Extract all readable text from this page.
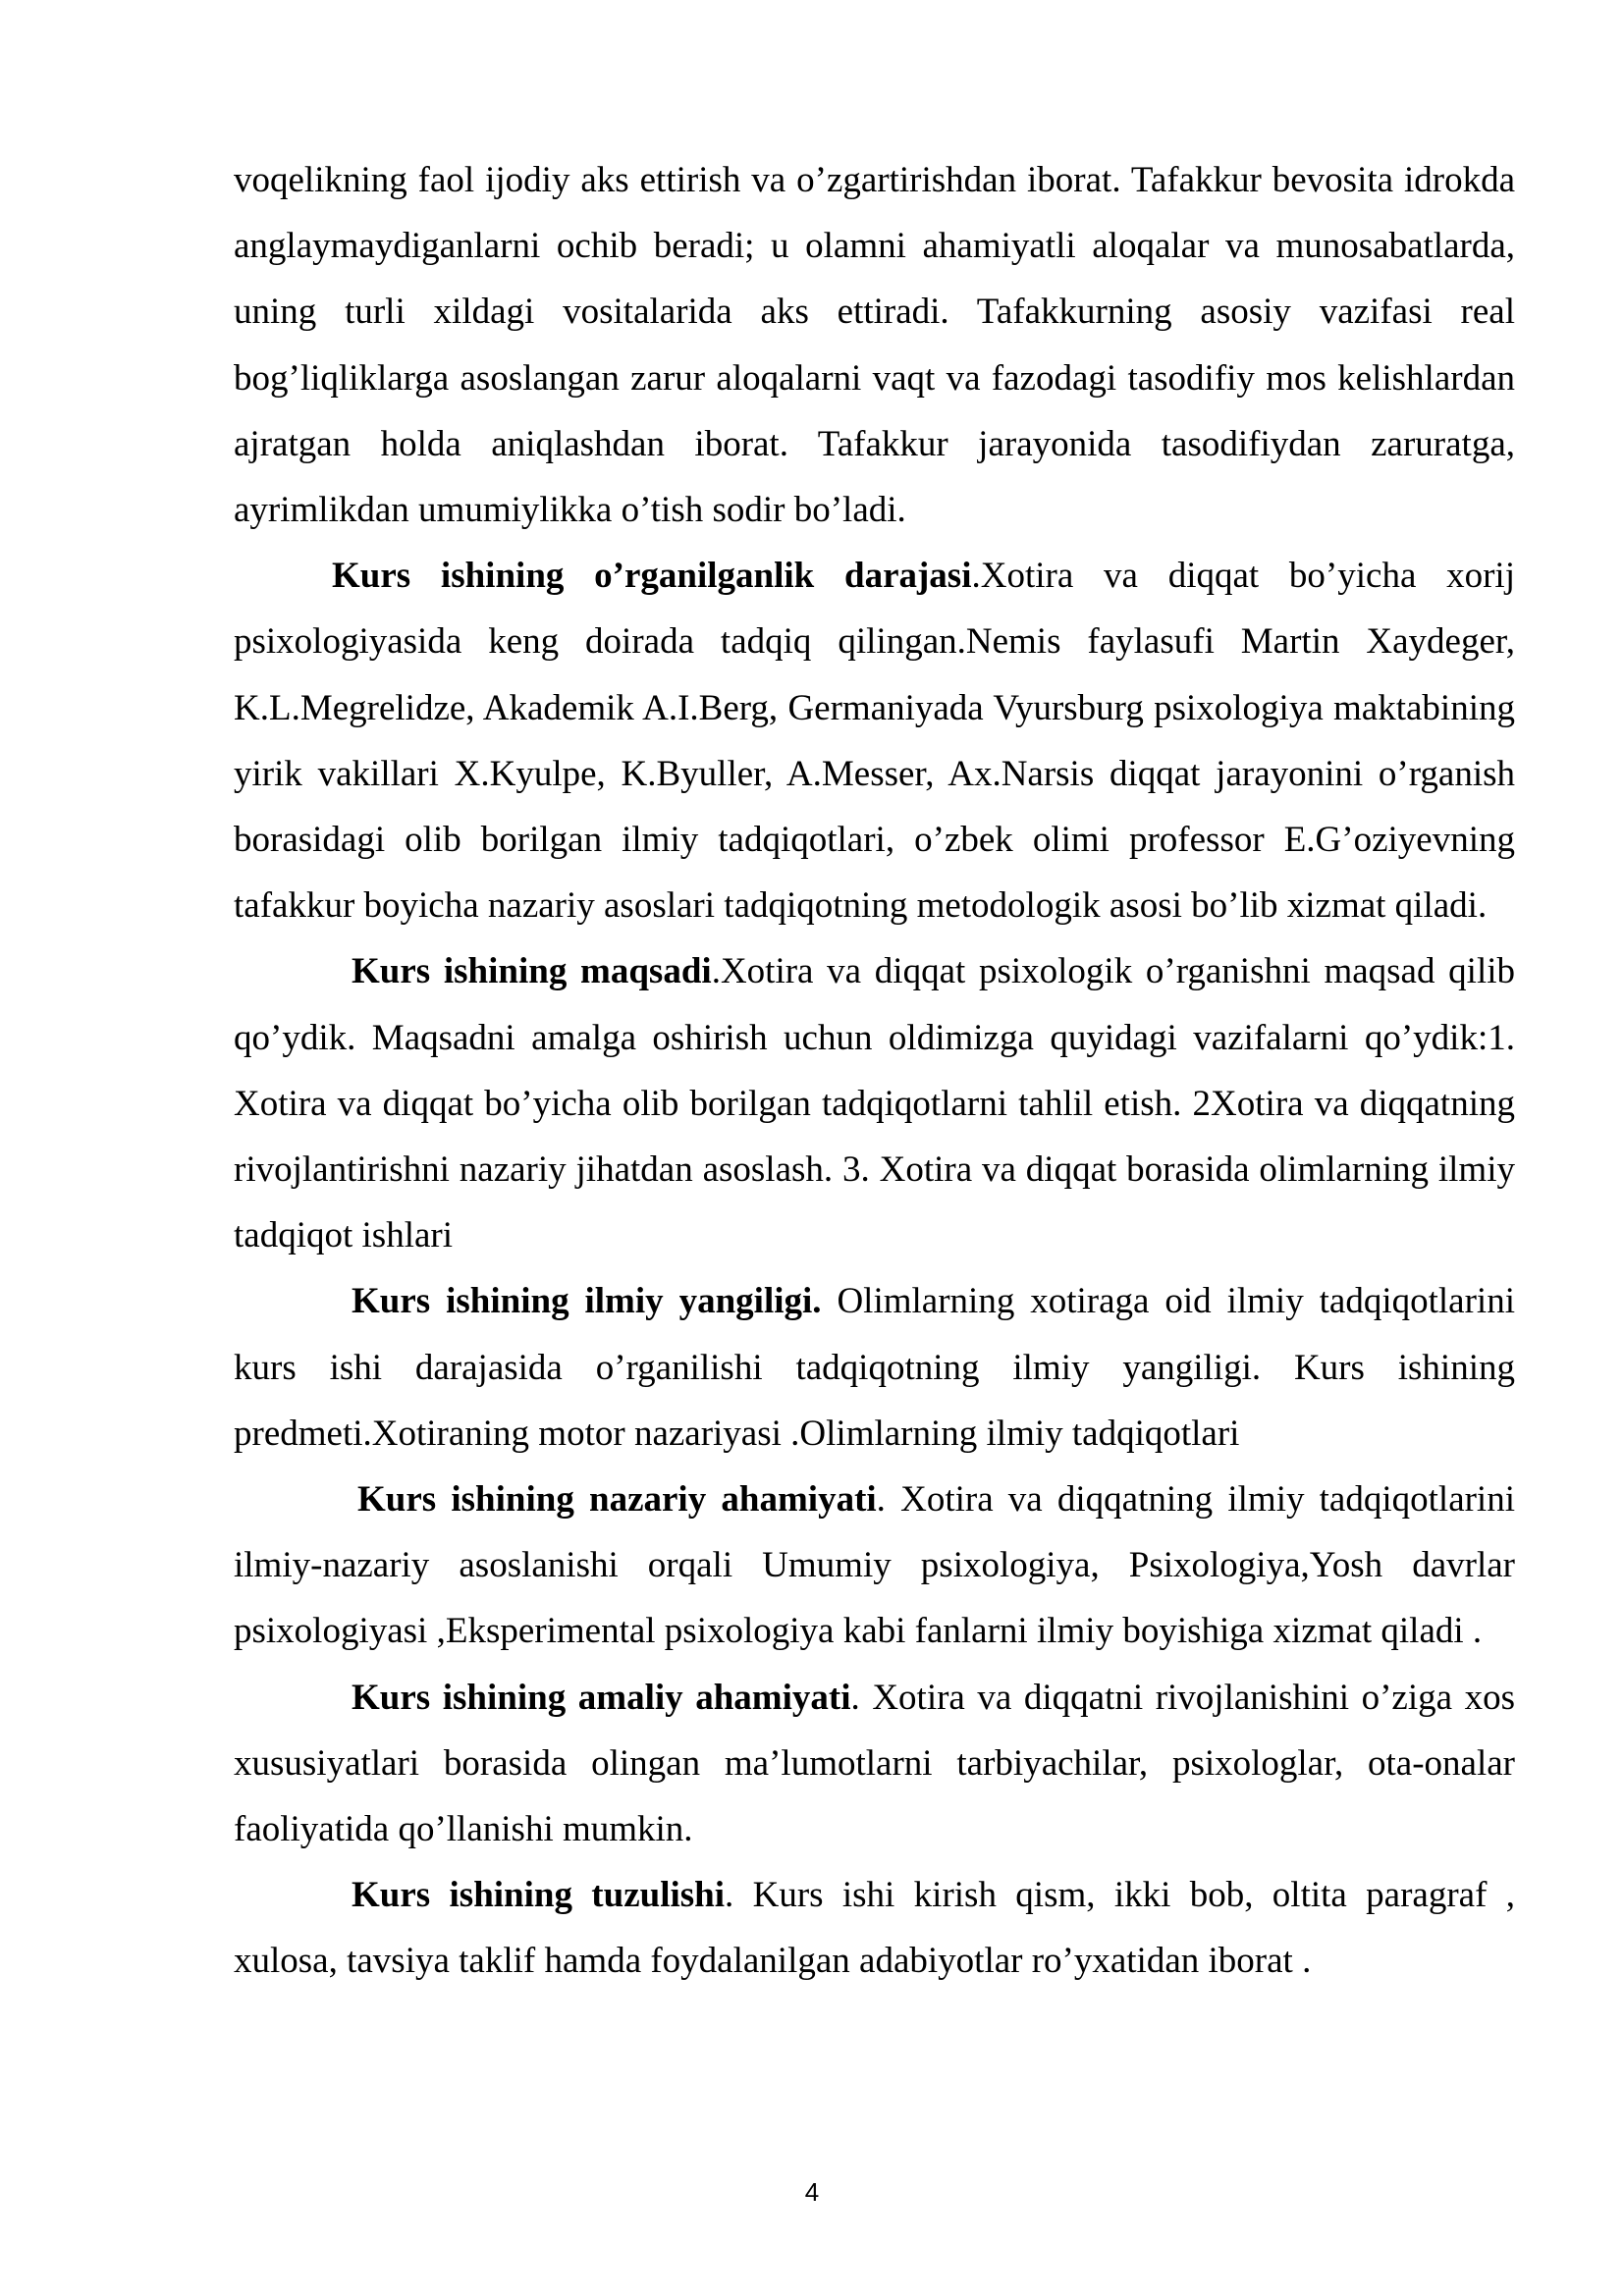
voqelikning faol ijodiy aks ettirish va o’zgartirishdan iborat. Tafakkur bevosita idrokda anglaymaydiganlarni ochib beradi; u olamni ahamiyatli aloqalar va munosabatlarda, uning turli xildagi vositalarida aks ettiradi. Tafakkurning asosiy vazifasi real bog’liqliklarga asoslangan zarur aloqalarni vaqt va fazodagi tasodifiy mos kelishlardan ajratgan holda aniqlashdan iborat. Tafakkur jarayonida tasodifiydan zaruratga, ayrimlikdan umumiylikka o’tish sodir bo’ladi.

Kurs ishining o’rganilganlik darajasi.Xotira va diqqat bo’yicha xorij psixologiyasida keng doirada tadqiq qilingan.Nemis faylasufi Martin Xaydeger, K.L.Megrelidze, Akademik A.I.Berg, Germaniyada Vyursburg psixologiya maktabining yirik vakillari X.Kyulpe, K.Byuller, A.Messer, Ax.Narsis diqqat jarayonini o’rganish borasidagi olib borilgan ilmiy tadqiqotlari, o’zbek olimi professor E.G’oziyevning tafakkur boyicha nazariy asoslari tadqiqotning metodologik asosi bo’lib xizmat qiladi.

Kurs ishining maqsadi.Xotira va diqqat psixologik o’rganishni maqsad qilib qo’ydik. Maqsadni amalga oshirish uchun oldimizga quyidagi vazifalarni qo’ydik:1. Xotira va diqqat bo’yicha olib borilgan tadqiqotlarni tahlil etish. 2Xotira va diqqatning rivojlantirishni nazariy jihatdan asoslash. 3. Xotira va diqqat borasida olimlarning ilmiy tadqiqot ishlari

Kurs ishining ilmiy yangiligi. Olimlarning xotiraga oid ilmiy tadqiqotlarini kurs ishi darajasida o’rganilishi tadqiqotning ilmiy yangiligi. Kurs ishining predmeti.Xotiraning motor nazariyasi .Olimlarning ilmiy tadqiqotlari

Kurs ishining nazariy ahamiyati. Xotira va diqqatning ilmiy tadqiqotlarini ilmiy-nazariy asoslanishi orqali Umumiy psixologiya, Psixologiya,Yosh davrlar psixologiyasi ,Eksperimental psixologiya kabi fanlarni ilmiy boyishiga xizmat qiladi .

Kurs ishining amaliy ahamiyati. Xotira va diqqatni rivojlanishini o’ziga xos xususiyatlari borasida olingan ma’lumotlarni tarbiyachilar, psixologlar, ota-onalar faoliyatida qo’llanishi mumkin.

Kurs ishining tuzulishi. Kurs ishi kirish qism, ikki bob, oltita paragraf , xulosa, tavsiya taklif hamda foydalanilgan adabiyotlar ro’yxatidan iborat .

4
